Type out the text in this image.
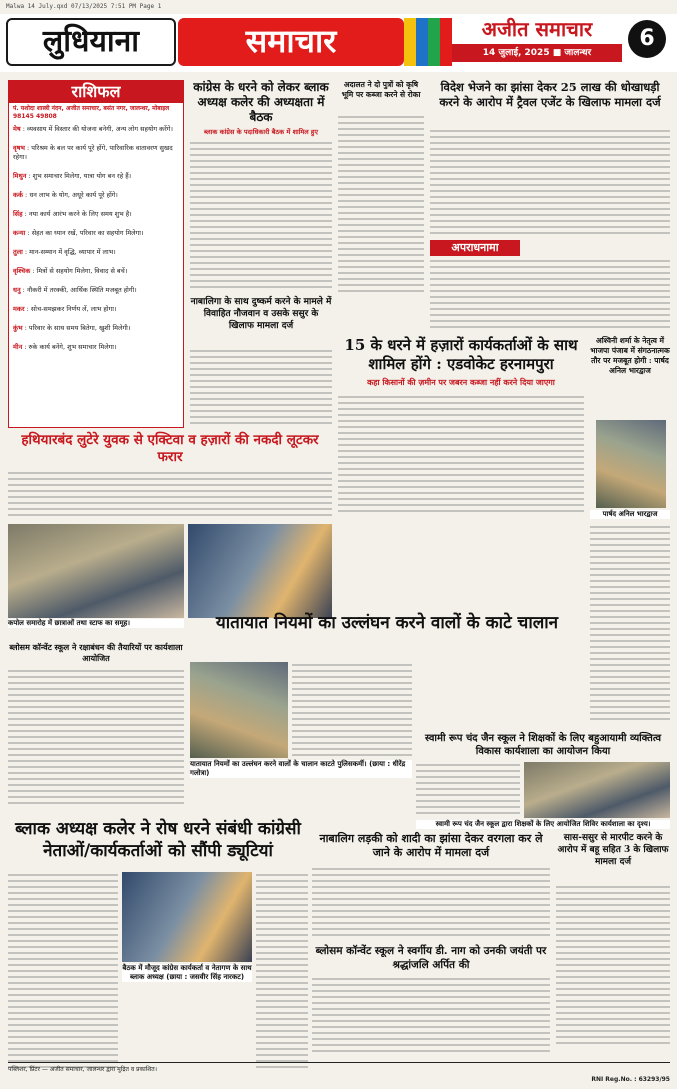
Malwa 14 July.qxd 07/13/2025 7:51 PM Page 1
लुधियाना	समाचार	अजीत समाचार
14 जुलाई, 2025 ■ जालन्धर
6
राशिफल
पं. यशोदा शास्त्री नंदन, अजीत समाचार, बसंत नगर, जालन्धर, मोबाइल 98145 49808
मेष : व्यवसाय में विस्तार की योजना बनेगी, अन्य लोग सहयोग करेंगे।
वृषभ : परिश्रम के बल पर कार्य पूरे होंगे, पारिवारिक वातावरण सुखद रहेगा।
मिथुन : शुभ समाचार मिलेगा, यात्रा योग बन रहे हैं।
कर्क : धन लाभ के योग, अधूरे कार्य पूरे होंगे।
सिंह : नया कार्य आरंभ करने के लिए समय शुभ है।
कन्या : सेहत का ध्यान रखें, परिवार का सहयोग मिलेगा।
तुला : मान-सम्मान में वृद्धि, व्यापार में लाभ।
वृश्चिक : मित्रों से सहयोग मिलेगा, विवाद से बचें।
धनु : नौकरी में तरक्की, आर्थिक स्थिति मजबूत होगी।
मकर : सोच-समझकर निर्णय लें, लाभ होगा।
कुंभ : परिवार के साथ समय बितेगा, खुशी मिलेगी।
मीन : रुके कार्य बनेंगे, शुभ समाचार मिलेगा।
कांग्रेस के धरने को लेकर ब्लाक अध्यक्ष कलेर की अध्यक्षता में बैठक
ब्लाक कांग्रेस के पदाधिकारी बैठक में शामिल हुए
अदालत ने दो पुत्रों को कृषि भूमि पर कब्जा करने से रोका
विदेश भेजने का झांसा देकर 25 लाख की धोखाधड़ी करने के आरोप में ट्रैवल एजेंट के खिलाफ मामला दर्ज
अपराधनामा
नाबालिगा के साथ दुष्कर्म करने के मामले में विवाहित नौजवान व उसके ससुर के खिलाफ मामला दर्ज
15 के धरने में हज़ारों कार्यकर्ताओं के साथ शामिल होंगे : एडवोकेट हरनामपुरा
कहा किसानों की ज़मीन पर जबरन कब्जा नहीं करने दिया जाएगा
अश्विनी शर्मा के नेतृत्व में भाजपा पंजाब में संगठनात्मक तौर पर मजबूत होगी : पार्षद अनिल भारद्वाज
पार्षद अनिल भारद्वाज
हथियारबंद लुटेरे युवक से एक्टिवा व हज़ारों की नकदी लूटकर फरार
कपोल समारोह में छात्राओं तथा स्टाफ का समूह।	यातायात नियमों का उल्लंघन करने वालों के काटे चालान
यातायात नियमों का उल्लंघन करने वालों के चालान काटते पुलिसकर्मी। (छाया : धीरेंद्र गलोत्रा)
ब्लोसम कॉन्वेंट स्कूल ने रक्षाबंधन की तैयारियों पर कार्यशाला आयोजित
स्वामी रूप चंद जैन स्कूल ने शिक्षकों के लिए बहुआयामी व्यक्तित्व विकास कार्यशाला का आयोजन किया
स्वामी रूप चंद जैन स्कूल द्वारा शिक्षकों के लिए आयोजित शिविर कार्यशाला का दृश्य।
ब्लाक अध्यक्ष कलेर ने रोष धरने संबंधी कांग्रेसी नेताओं/कार्यकर्ताओं को सौंपी ड्यूटियां
बैठक में मौजूद कांग्रेस कार्यकर्ता व नेतागण के साथ ब्लाक अध्यक्ष (छाया : जसवीर सिंह नारकट)
नाबालिग लड़की को शादी का झांसा देकर वरगला कर ले जाने के आरोप में मामला दर्ज
ब्लोसम कॉन्वेंट स्कूल ने स्वर्गीय डी. नाग को उनकी जयंती पर श्रद्धांजलि अर्पित की
सास-ससुर से मारपीट करने के आरोप में बहू सहित 3 के खिलाफ मामला दर्ज
पब्लिशर, प्रिंटर — अजीत समाचार, जालन्धर द्वारा मुद्रित व प्रकाशित।
RNI Reg.No. : 63293/95
